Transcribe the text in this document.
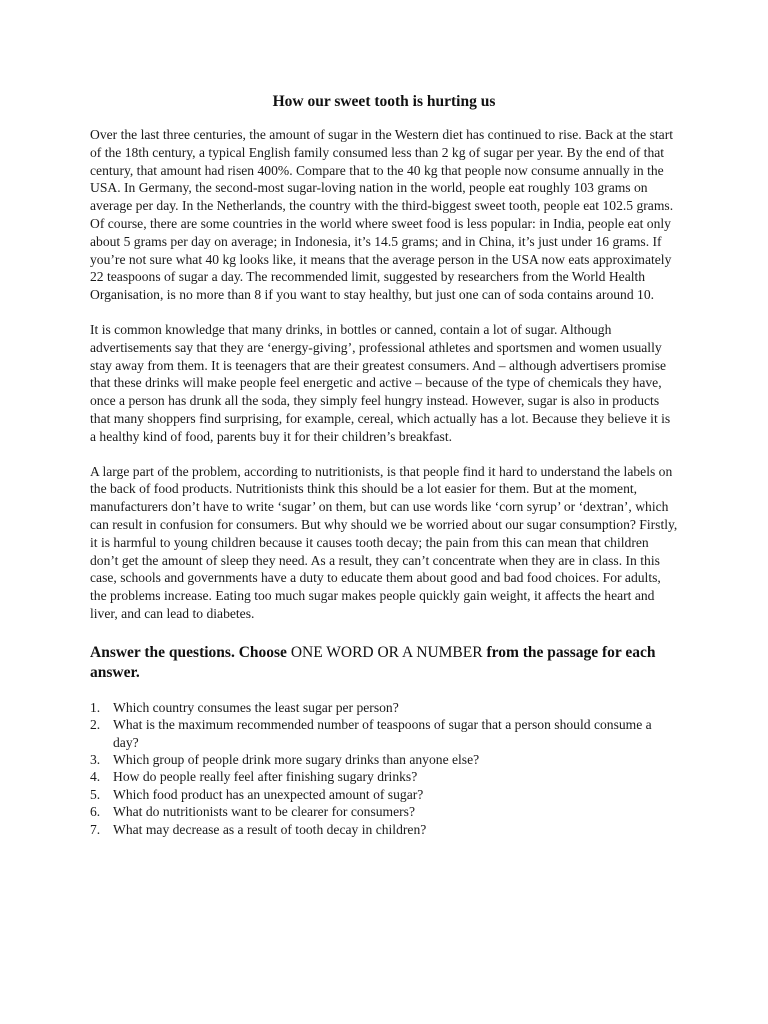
How our sweet tooth is hurting us

Over the last three centuries, the amount of sugar in the Western diet has continued to rise. Back at the start of the 18th century, a typical English family consumed less than 2 kg of sugar per year. By the end of that century, that amount had risen 400%. Compare that to the 40 kg that people now consume annually in the USA. In Germany, the second-most sugar-loving nation in the world, people eat roughly 103 grams on average per day. In the Netherlands, the country with the third-biggest sweet tooth, people eat 102.5 grams. Of course, there are some countries in the world where sweet food is less popular: in India, people eat only about 5 grams per day on average; in Indonesia, it’s 14.5 grams; and in China, it’s just under 16 grams. If you’re not sure what 40 kg looks like, it means that the average person in the USA now eats approximately 22 teaspoons of sugar a day. The recommended limit, suggested by researchers from the World Health Organisation, is no more than 8 if you want to stay healthy, but just one can of soda contains around 10.

It is common knowledge that many drinks, in bottles or canned, contain a lot of sugar. Although advertisements say that they are ‘energy-giving’, professional athletes and sportsmen and women usually stay away from them. It is teenagers that are their greatest consumers. And – although advertisers promise that these drinks will make people feel energetic and active – because of the type of chemicals they have, once a person has drunk all the soda, they simply feel hungry instead. However, sugar is also in products that many shoppers find surprising, for example, cereal, which actually has a lot. Because they believe it is a healthy kind of food, parents buy it for their children’s breakfast.

A large part of the problem, according to nutritionists, is that people find it hard to understand the labels on the back of food products. Nutritionists think this should be a lot easier for them. But at the moment, manufacturers don’t have to write ‘sugar’ on them, but can use words like ‘corn syrup’ or ‘dextran’, which can result in confusion for consumers. But why should we be worried about our sugar consumption? Firstly, it is harmful to young children because it causes tooth decay; the pain from this can mean that children don’t get the amount of sleep they need. As a result, they can’t concentrate when they are in class. In this case, schools and governments have a duty to educate them about good and bad food choices. For adults, the problems increase. Eating too much sugar makes people quickly gain weight, it affects the heart and liver, and can lead to diabetes.

Answer the questions. Choose ONE WORD OR A NUMBER from the passage for each answer.
1. Which country consumes the least sugar per person?
2. What is the maximum recommended number of teaspoons of sugar that a person should consume a day?
3. Which group of people drink more sugary drinks than anyone else?
4. How do people really feel after finishing sugary drinks?
5. Which food product has an unexpected amount of sugar?
6. What do nutritionists want to be clearer for consumers?
7. What may decrease as a result of tooth decay in children?
